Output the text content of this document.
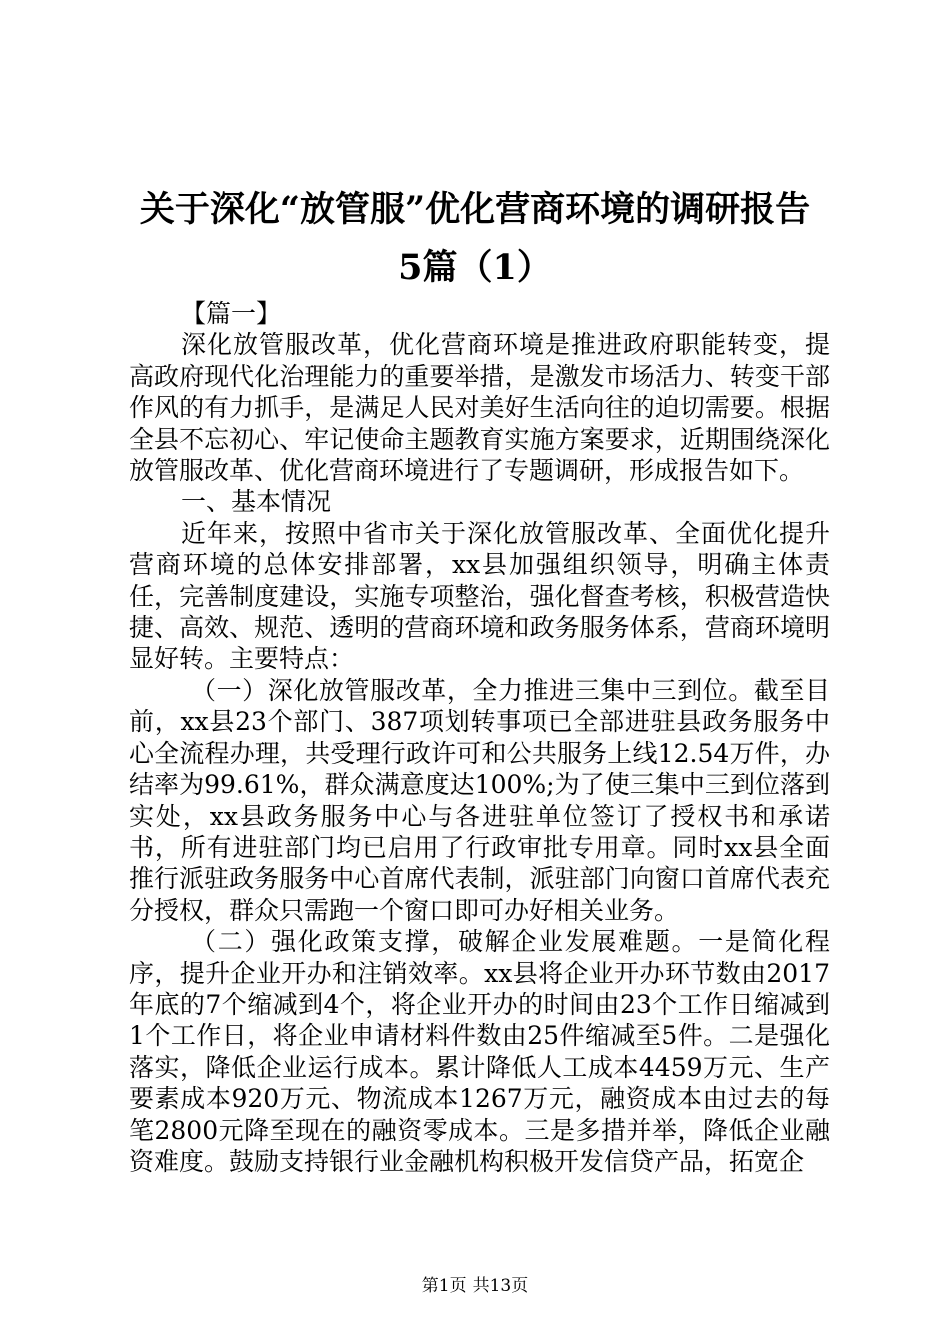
关于深化“放管服”优化营商环境的调研报告
5篇（1）

【篇一】

深化放管服改革，优化营商环境是推进政府职能转变，提高政府现代化治理能力的重要举措，是激发市场活力、转变干部作风的有力抓手，是满足人民对美好生活向往的迫切需要。根据全县不忘初心、牢记使命主题教育实施方案要求，近期围绕深化放管服改革、优化营商环境进行了专题调研，形成报告如下。

一、基本情况

近年来，按照中省市关于深化放管服改革、全面优化提升营商环境的总体安排部署，xx县加强组织领导，明确主体责任，完善制度建设，实施专项整治，强化督查考核，积极营造快捷、高效、规范、透明的营商环境和政务服务体系，营商环境明显好转。主要特点：

（一）深化放管服改革，全力推进三集中三到位。截至目前，xx县23个部门、387项划转事项已全部进驻县政务服务中心全流程办理，共受理行政许可和公共服务上线12.54万件，办结率为99.61%，群众满意度达100%;为了使三集中三到位落到实处，xx县政务服务中心与各进驻单位签订了授权书和承诺书，所有进驻部门均已启用了行政审批专用章。同时xx县全面推行派驻政务服务中心首席代表制，派驻部门向窗口首席代表充分授权，群众只需跑一个窗口即可办好相关业务。

（二）强化政策支撑，破解企业发展难题。一是简化程序，提升企业开办和注销效率。xx县将企业开办环节数由2017年底的7个缩减到4个，将企业开办的时间由23个工作日缩减到1个工作日，将企业申请材料件数由25件缩减至5件。二是强化落实，降低企业运行成本。累计降低人工成本4459万元、生产要素成本920万元、物流成本1267万元，融资成本由过去的每笔2800元降至现在的融资零成本。三是多措并举，降低企业融资难度。鼓励支持银行业金融机构积极开发信贷产品，拓宽企

第1页 共13页
